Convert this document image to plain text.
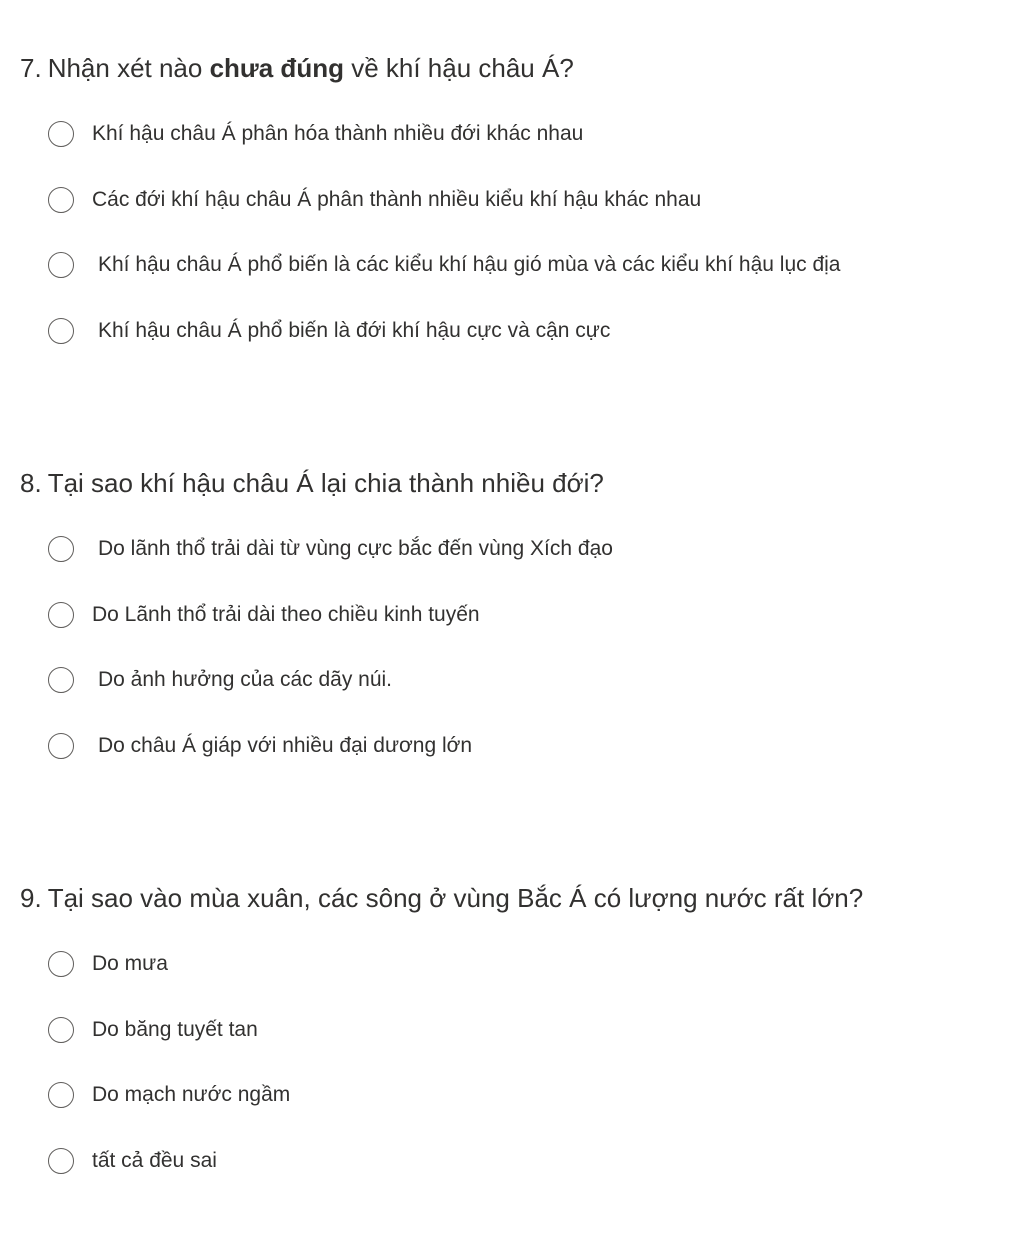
7. Nhận xét nào chưa đúng về khí hậu châu Á?
Khí hậu châu Á phân hóa thành nhiều đới khác nhau
Các đới khí hậu châu Á phân thành nhiều kiểu khí hậu khác nhau
Khí hậu châu Á phổ biến là các kiểu khí hậu gió mùa và các kiểu khí hậu lục địa
Khí hậu châu Á phổ biến là đới khí hậu cực và cận cực
8. Tại sao khí hậu châu Á lại chia thành nhiều đới?
Do lãnh thổ trải dài từ vùng cực bắc đến vùng Xích đạo
Do Lãnh thổ trải dài theo chiều kinh tuyến
Do ảnh hưởng của các dãy núi.
Do châu Á giáp với nhiều đại dương lớn
9. Tại sao vào mùa xuân, các sông ở vùng Bắc Á có lượng nước rất lớn?
Do mưa
Do băng tuyết tan
Do mạch nước ngầm
tất cả đều sai
